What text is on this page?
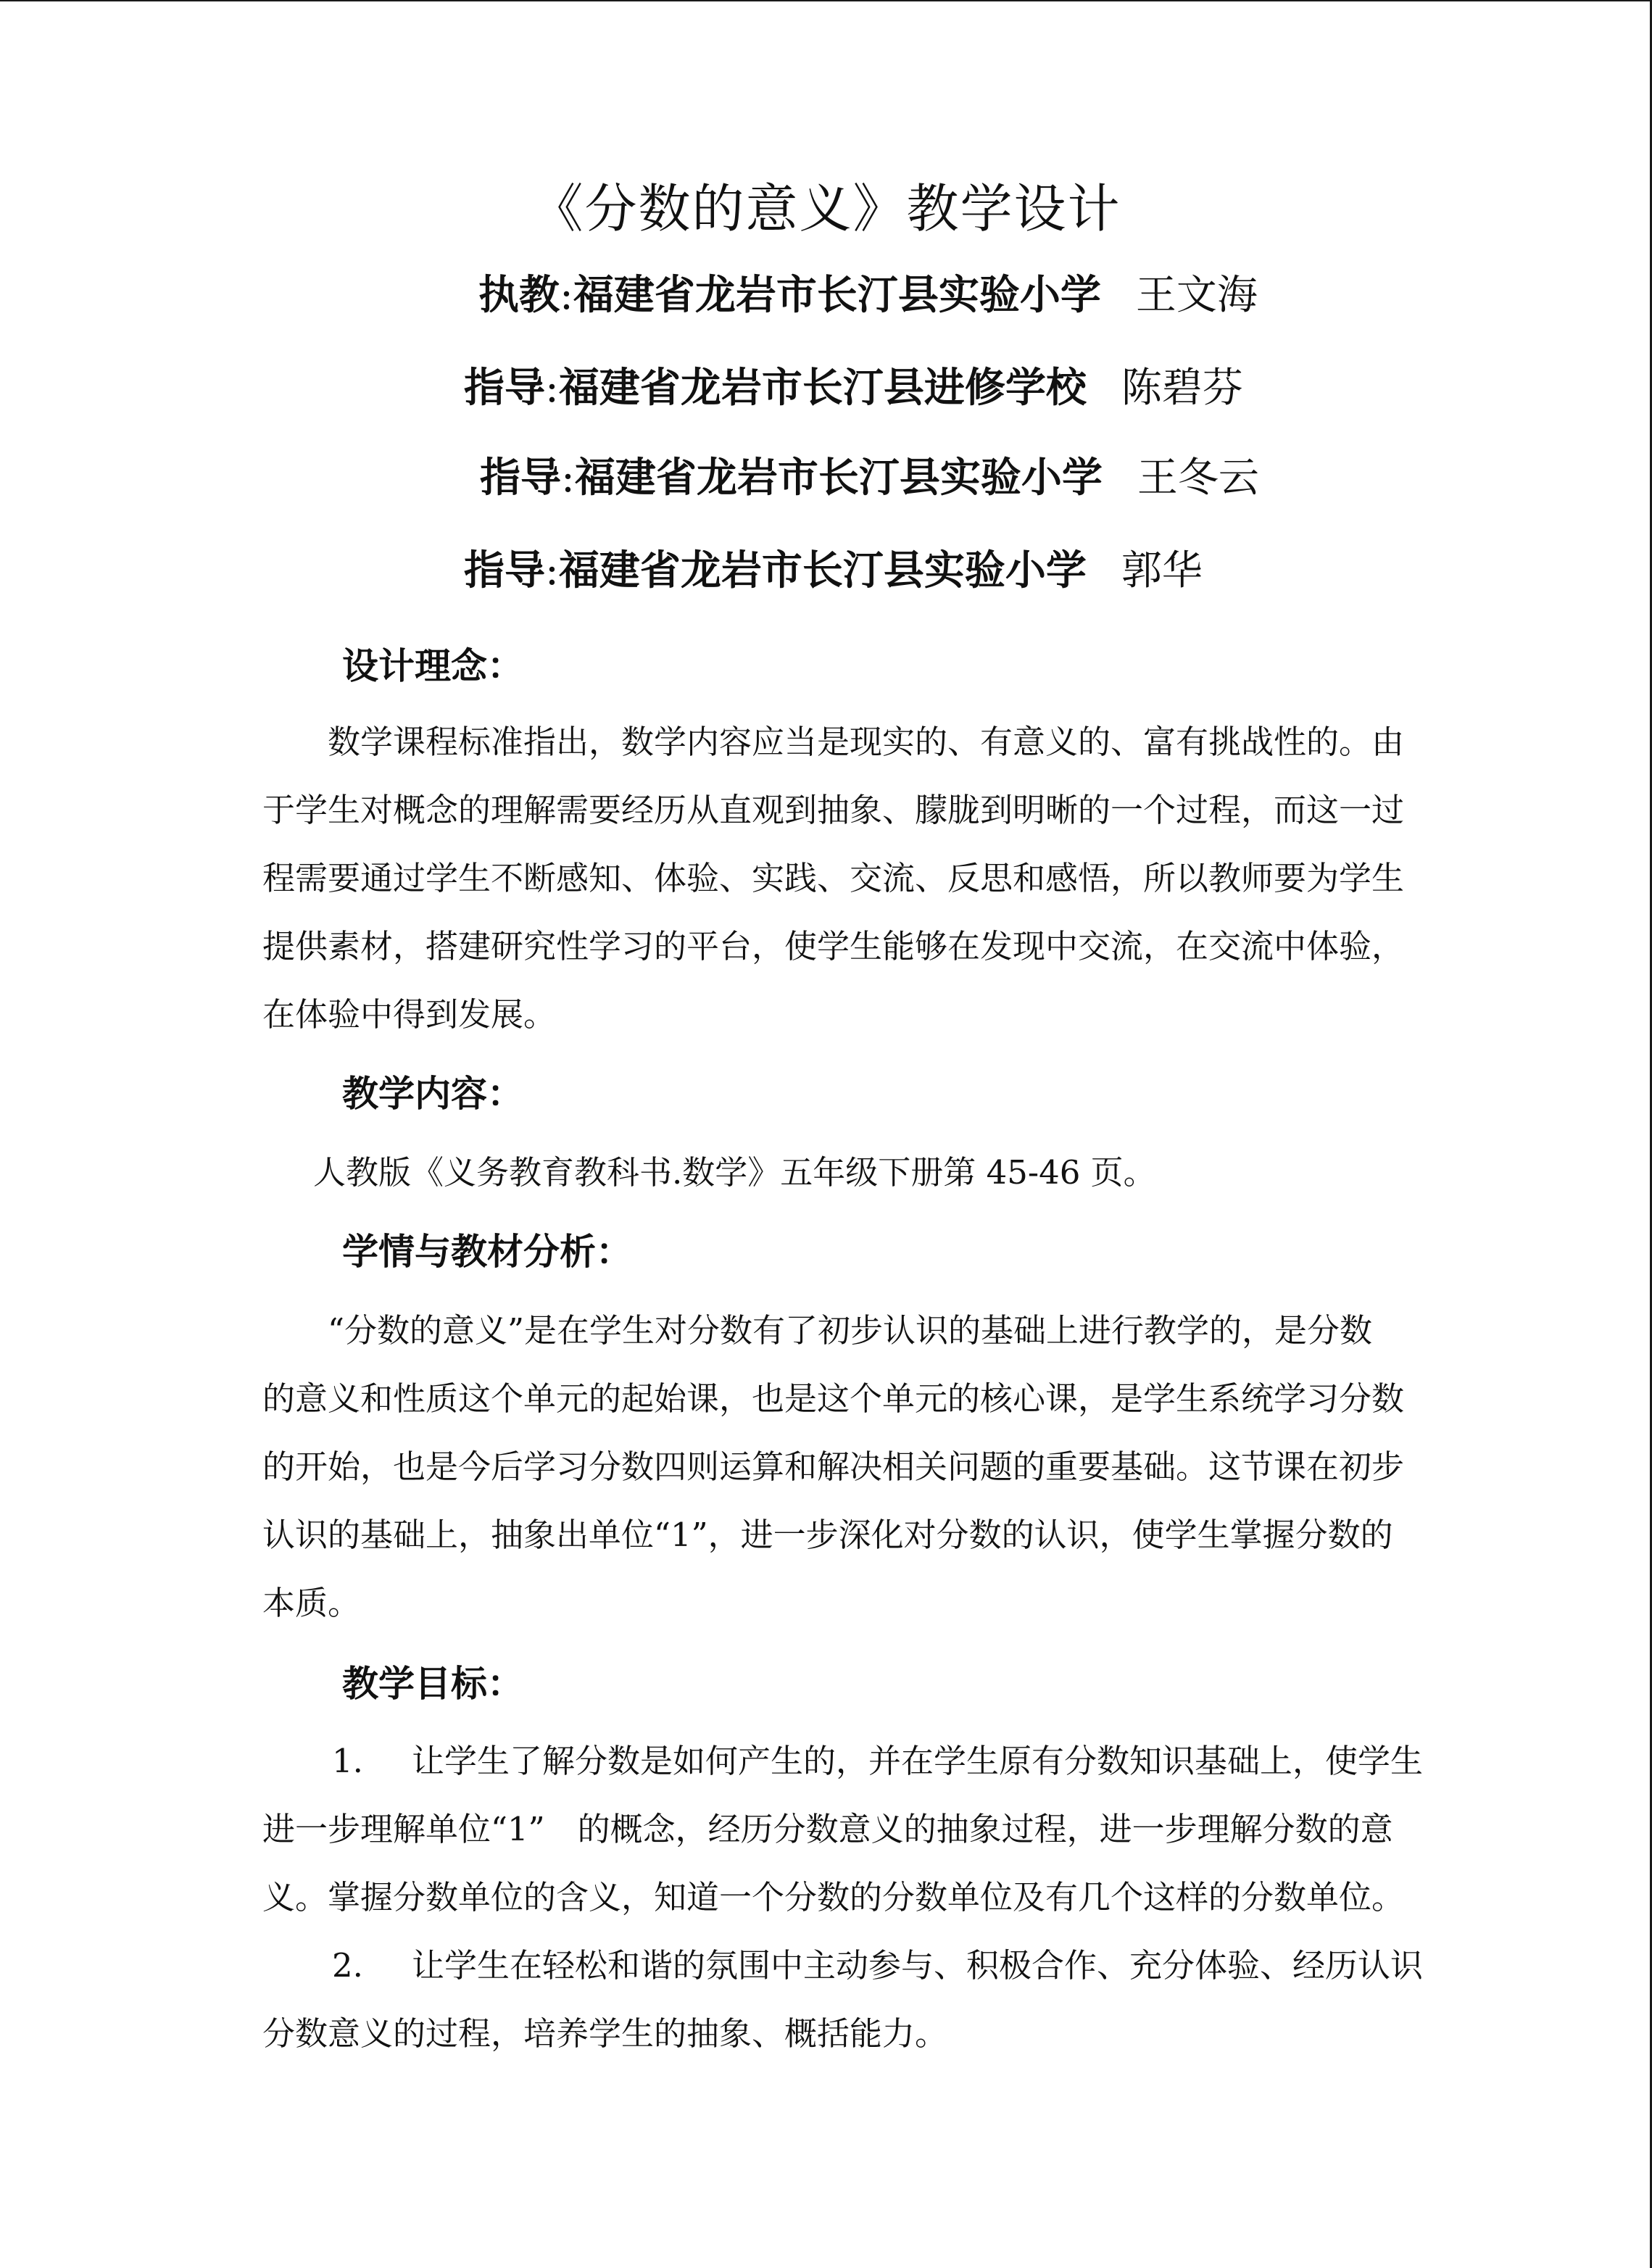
《分数的意义》教学设计
执教:福建省龙岩市长汀县实验小学 王文海
指导:福建省龙岩市长汀县进修学校 陈碧芬
指导:福建省龙岩市长汀县实验小学 王冬云
指导:福建省龙岩市长汀县实验小学 郭华
设计理念：
数学课程标准指出，数学内容应当是现实的、有意义的、富有挑战性的。由
于学生对概念的理解需要经历从直观到抽象、朦胧到明晰的一个过程，而这一过
程需要通过学生不断感知、体验、实践、交流、反思和感悟，所以教师要为学生
提供素材，搭建研究性学习的平台，使学生能够在发现中交流，在交流中体验，
在体验中得到发展。
教学内容：
人教版《义务教育教科书.数学》五年级下册第 45-46 页。
学情与教材分析：
“分数的意义”是在学生对分数有了初步认识的基础上进行教学的，是分数
的意义和性质这个单元的起始课，也是这个单元的核心课，是学生系统学习分数
的开始，也是今后学习分数四则运算和解决相关问题的重要基础。这节课在初步
认识的基础上，抽象出单位“1”，进一步深化对分数的认识，使学生掌握分数的
本质。
教学目标：
1. 让学生了解分数是如何产生的，并在学生原有分数知识基础上，使学生
进一步理解单位“1”　的概念，经历分数意义的抽象过程，进一步理解分数的意
义。掌握分数单位的含义，知道一个分数的分数单位及有几个这样的分数单位。
2. 让学生在轻松和谐的氛围中主动参与、积极合作、充分体验、经历认识
分数意义的过程，培养学生的抽象、概括能力。
